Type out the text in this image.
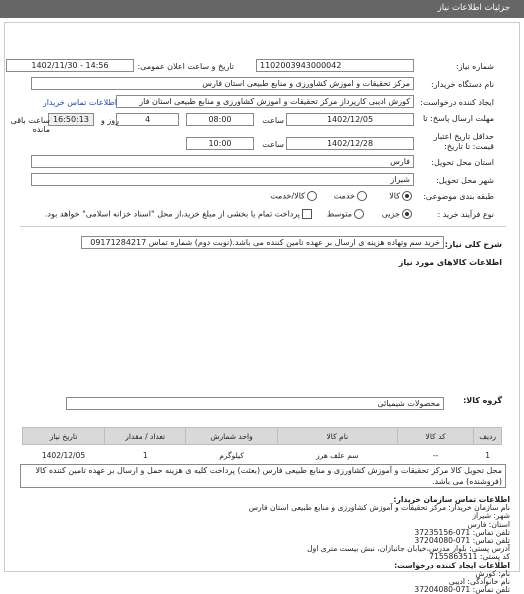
جزئیات اطلاعات نیاز
شماره نیاز:
1102003943000042
تاریخ و ساعت اعلان عمومی:
1402/11/30 - 14:56
نام دستگاه خریدار:
مرکز تحقیقات و اموزش کشاورزی و منابع طبیعی استان فارس
ایجاد کننده درخواست:
کورش ادیبی کارپرداز مرکز تحقیقات و اموزش کشاورزی و منابع طبیعی استان فار
اطلاعات تماس خریدار
مهلت ارسال پاسخ: تا
1402/12/05
ساعت
08:00
4
روز و
16:50:13
ساعت باقی مانده
حداقل تاریخ اعتبار قیمت: تا تاریخ:
1402/12/28
ساعت
10:00
استان محل تحویل:
فارس
شهر محل تحویل:
شیراز
طبقه بندی موضوعی:
کالا
خدمت
کالا/خدمت
نوع فرآیند خرید :
جزیی
متوسط
پرداخت تمام یا بخشی از مبلغ خرید،از محل "اسناد خزانه اسلامی" خواهد بود.
شرح کلی نیاز:
خرید سم وتهاده هزینه ی ارسال بر عهده تامین کننده می باشد.(نوبت دوم) شماره تماس 09171284217
اطلاعات کالاهای مورد نیاز
گروه کالا:
محصولات شیمیائی
ردیف	کد کالا	نام کالا	واحد شمارش	تعداد / مقدار	تاریخ نیاز
1	--	سم علف هرز	کیلوگرم	1	1402/12/05
محل تحویل کالا مرکز تحقیقات و آموزش کشاورزی و منابع طبیعی فارس (بعثت) پرداخت کلیه ی هزینه حمل و ارسال بر عهده تامین کننده کالا (فروشنده) می باشد.
اطلاعات تماس سازمان خریدار:
نام سازمان خریدار: مرکز تحقیقات و آموزش کشاورزی و منابع طبیعی استان فارس
شهر: شیراز
استان: فارس
تلفن تماس: 071-37235156
تلفن تماس: 071-37204080
آدرس پستی: بلوار مدرس،خیابان جانبازان، نبش بیست متری اول
کد پستی: 7155863511
اطلاعات ایجاد کننده درخواست:
نام: کورش
نام خانوادگی: ادیبی
تلفن تماس: 071-37204080
